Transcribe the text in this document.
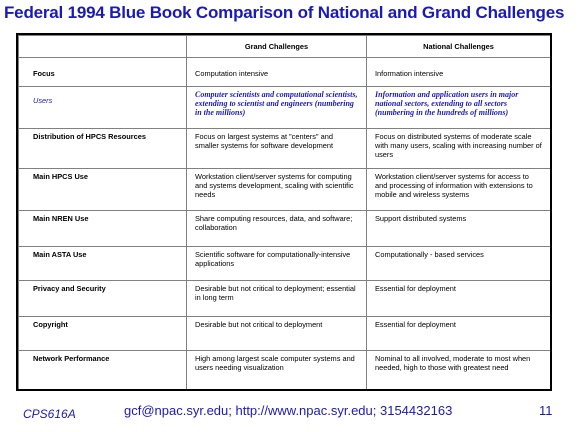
Federal 1994 Blue Book Comparison of National and Grand Challenges
	Grand Challenges	National Challenges
Focus	Computation intensive	Information intensive
Users	Computer scientists and computational scientists, extending to scientist and engineers (numbering in the millions)	Information and application users in major national sectors, extending to all sectors (numbering in the hundreds of millions)
Distribution of HPCS Resources	Focus on largest systems at "centers" and smaller systems for software development	Focus on distributed systems of moderate scale with many users, scaling with increasing number of users
Main HPCS Use	Workstation client/server systems for computing and systems development, scaling with scientific needs	Workstation client/server systems for access to and processing of information with extensions to mobile and wireless systems
Main NREN Use	Share computing resources, data, and software; collaboration	Support distributed systems
Main ASTA Use	Scientific software for computationally-intensive applications	Computationally - based services
Privacy and Security	Desirable but not critical to deployment; essential in long term	Essential for deployment
Copyright	Desirable but not critical to deployment	Essential for deployment
Network Performance	High among largest scale computer systems and users needing visualization	Nominal to all involved, moderate to most when needed, high to those with greatest need
CPS616A	gcf@npac.syr.edu; http://www.npac.syr.edu; 3154432163	11
